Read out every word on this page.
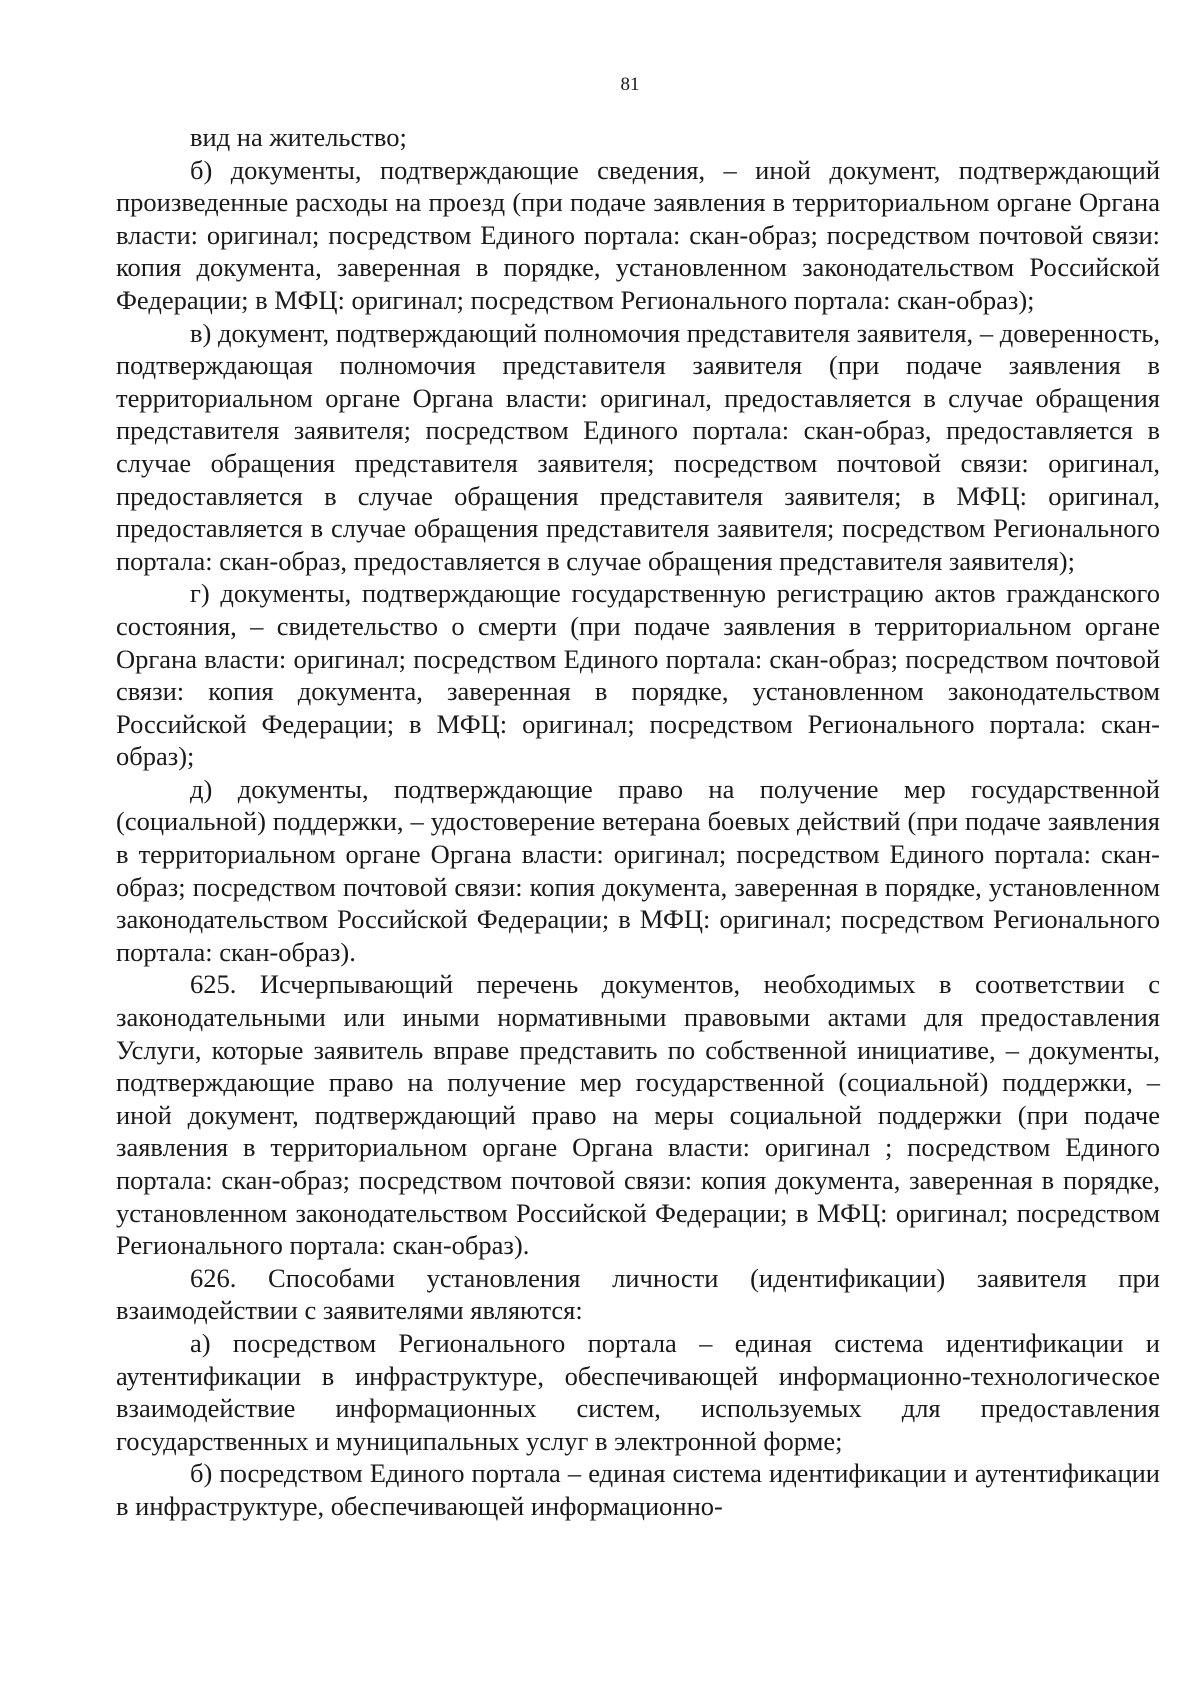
81

вид на жительство;

б) документы, подтверждающие сведения, – иной документ, подтверждающий произведенные расходы на проезд (при подаче заявления в территориальном органе Органа власти: оригинал; посредством Единого портала: скан-образ; посредством почтовой связи: копия документа, заверенная в порядке, установленном законодательством Российской Федерации; в МФЦ: оригинал; посредством Регионального портала: скан-образ);

в) документ, подтверждающий полномочия представителя заявителя, – доверенность, подтверждающая полномочия представителя заявителя (при подаче заявления в территориальном органе Органа власти: оригинал, предоставляется в случае обращения представителя заявителя; посредством Единого портала: скан-образ, предоставляется в случае обращения представителя заявителя; посредством почтовой связи: оригинал, предоставляется в случае обращения представителя заявителя; в МФЦ: оригинал, предоставляется в случае обращения представителя заявителя; посредством Регионального портала: скан-образ, предоставляется в случае обращения представителя заявителя);

г) документы, подтверждающие государственную регистрацию актов гражданского состояния, – свидетельство о смерти (при подаче заявления в территориальном органе Органа власти: оригинал; посредством Единого портала: скан-образ; посредством почтовой связи: копия документа, заверенная в порядке, установленном законодательством Российской Федерации; в МФЦ: оригинал; посредством Регионального портала: скан-образ);

д) документы, подтверждающие право на получение мер государственной (социальной) поддержки, – удостоверение ветерана боевых действий (при подаче заявления в территориальном органе Органа власти: оригинал; посредством Единого портала: скан-образ; посредством почтовой связи: копия документа, заверенная в порядке, установленном законодательством Российской Федерации; в МФЦ: оригинал; посредством Регионального портала: скан-образ).

625. Исчерпывающий перечень документов, необходимых в соответствии с законодательными или иными нормативными правовыми актами для предоставления Услуги, которые заявитель вправе представить по собственной инициативе, – документы, подтверждающие право на получение мер государственной (социальной) поддержки, – иной документ, подтверждающий право на меры социальной поддержки (при подаче заявления в территориальном органе Органа власти: оригинал ; посредством Единого портала: скан-образ; посредством почтовой связи: копия документа, заверенная в порядке, установленном законодательством Российской Федерации; в МФЦ: оригинал; посредством Регионального портала: скан-образ).

626. Способами установления личности (идентификации) заявителя при взаимодействии с заявителями являются:

а) посредством Регионального портала – единая система идентификации и аутентификации в инфраструктуре, обеспечивающей информационно-технологическое взаимодействие информационных систем, используемых для предоставления государственных и муниципальных услуг в электронной форме;

б) посредством Единого портала – единая система идентификации и аутентификации в инфраструктуре, обеспечивающей информационно-
